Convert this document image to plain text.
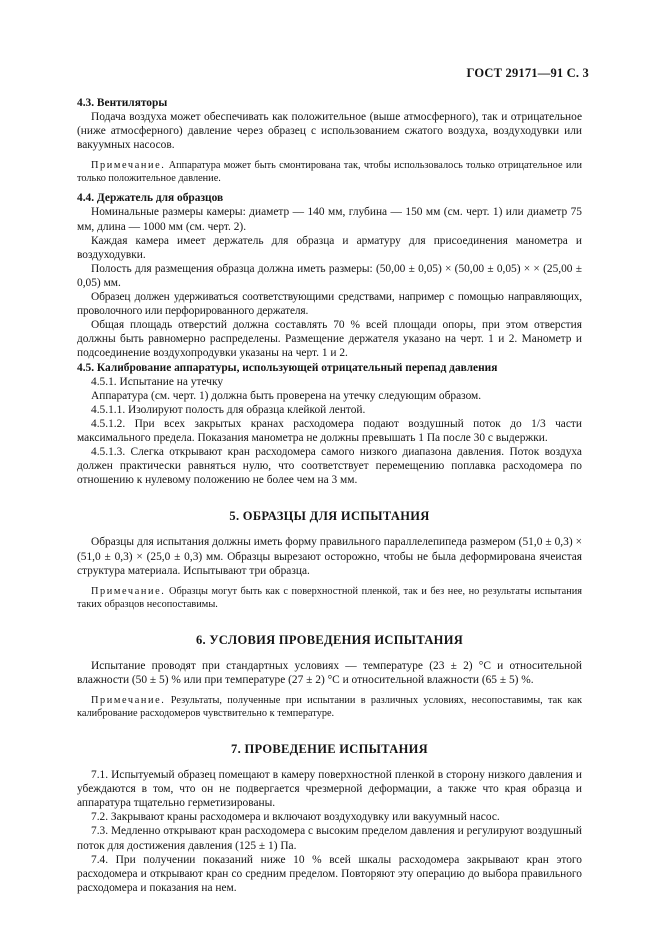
ГОСТ 29171—91 С. 3

4.3. Вентиляторы

Подача воздуха может обеспечивать как положительное (выше атмосферного), так и отрицательное (ниже атмосферного) давление через образец с использованием сжатого воздуха, воздуходувки или вакуумных насосов.

Примечание. Аппаратура может быть смонтирована так, чтобы использовалось только отрицательное или только положительное давление.

4.4. Держатель для образцов

Номинальные размеры камеры: диаметр — 140 мм, глубина — 150 мм (см. черт. 1) или диаметр 75 мм, длина — 1000 мм (см. черт. 2).

Каждая камера имеет держатель для образца и арматуру для присоединения манометра и воздуходувки.

Полость для размещения образца должна иметь размеры: (50,00 ± 0,05) × (50,00 ± 0,05) × × (25,00 ± 0,05) мм.

Образец должен удерживаться соответствующими средствами, например с помощью направляющих, проволочного или перфорированного держателя.

Общая площадь отверстий должна составлять 70 % всей площади опоры, при этом отверстия должны быть равномерно распределены. Размещение держателя указано на черт. 1 и 2. Манометр и подсоединение воздухопродувки указаны на черт. 1 и 2.

4.5. Калибрование аппаратуры, использующей отрицательный перепад давления

4.5.1. Испытание на утечку

Аппаратура (см. черт. 1) должна быть проверена на утечку следующим образом.

4.5.1.1. Изолируют полость для образца клейкой лентой.

4.5.1.2. При всех закрытых кранах расходомера подают воздушный поток до 1/3 части максимального предела. Показания манометра не должны превышать 1 Па после 30 с выдержки.

4.5.1.3. Слегка открывают кран расходомера самого низкого диапазона давления. Поток воздуха должен практически равняться нулю, что соответствует перемещению поплавка расходомера по отношению к нулевому положению не более чем на 3 мм.

5. ОБРАЗЦЫ ДЛЯ ИСПЫТАНИЯ

Образцы для испытания должны иметь форму правильного параллелепипеда размером (51,0 ± 0,3) × (51,0 ± 0,3) × (25,0 ± 0,3) мм. Образцы вырезают осторожно, чтобы не была деформирована ячеистая структура материала. Испытывают три образца.

Примечание. Образцы могут быть как с поверхностной пленкой, так и без нее, но результаты испытания таких образцов несопоставимы.

6. УСЛОВИЯ ПРОВЕДЕНИЯ ИСПЫТАНИЯ

Испытание проводят при стандартных условиях — температуре (23 ± 2) °С и относительной влажности (50 ± 5) % или при температуре (27 ± 2) °С и относительной влажности (65 ± 5) %.

Примечание. Результаты, полученные при испытании в различных условиях, несопоставимы, так как калибрование расходомеров чувствительно к температуре.

7. ПРОВЕДЕНИЕ ИСПЫТАНИЯ

7.1. Испытуемый образец помещают в камеру поверхностной пленкой в сторону низкого давления и убеждаются в том, что он не подвергается чрезмерной деформации, а также что края образца и аппаратура тщательно герметизированы.

7.2. Закрывают краны расходомера и включают воздуходувку или вакуумный насос.

7.3. Медленно открывают кран расходомера с высоким пределом давления и регулируют воздушный поток для достижения давления (125 ± 1) Па.

7.4. При получении показаний ниже 10 % всей шкалы расходомера закрывают кран этого расходомера и открывают кран со средним пределом. Повторяют эту операцию до выбора правильного расходомера и показания на нем.
